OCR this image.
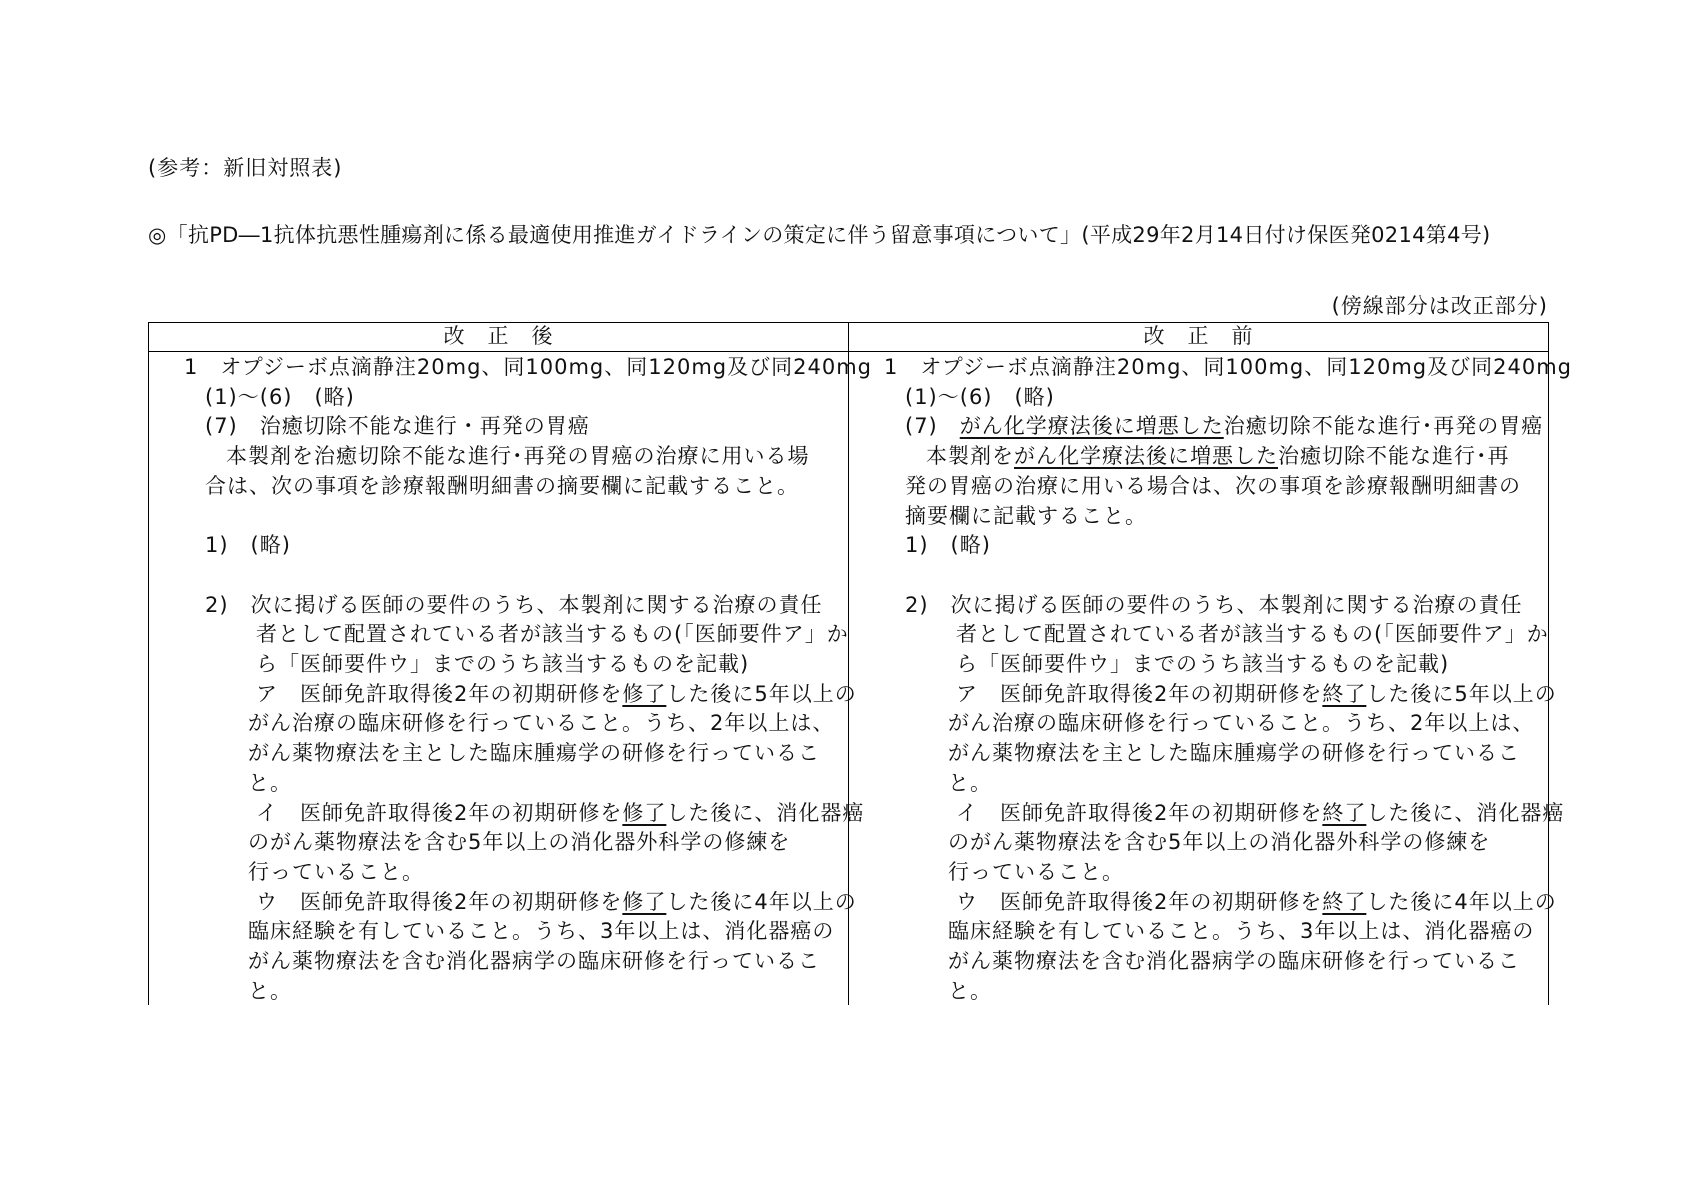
(参考：新旧対照表)
◎「抗PD―1抗体抗悪性腫瘍剤に係る最適使用推進ガイドラインの策定に伴う留意事項について」(平成29年2月14日付け保医発0214第4号)
(傍線部分は改正部分)
改　正　後	改　正　前
1　オプジーボ点滴静注20mg、同100mg、同120mg及び同240mg
(1)～(6)　(略)
(7)　治癒切除不能な進行・再発の胃癌
本製剤を治癒切除不能な進行･再発の胃癌の治療に用いる場
合は、次の事項を診療報酬明細書の摘要欄に記載すること。
1)　(略)
2)　次に掲げる医師の要件のうち、本製剤に関する治療の責任
者として配置されている者が該当するもの(「医師要件ア」か
ら「医師要件ウ」までのうち該当するものを記載)
ア　医師免許取得後2年の初期研修を修了した後に5年以上の
がん治療の臨床研修を行っていること。うち、2年以上は、
がん薬物療法を主とした臨床腫瘍学の研修を行っているこ
と。
イ　医師免許取得後2年の初期研修を修了した後に、消化器癌
のがん薬物療法を含む5年以上の消化器外科学の修練を
行っていること。
ウ　医師免許取得後2年の初期研修を修了した後に4年以上の
臨床経験を有していること。うち、3年以上は、消化器癌の
がん薬物療法を含む消化器病学の臨床研修を行っているこ
と。
1　オプジーボ点滴静注20mg、同100mg、同120mg及び同240mg
(1)～(6)　(略)
(7)　がん化学療法後に増悪した治癒切除不能な進行･再発の胃癌
本製剤をがん化学療法後に増悪した治癒切除不能な進行･再
発の胃癌の治療に用いる場合は、次の事項を診療報酬明細書の
摘要欄に記載すること。
1)　(略)
2)　次に掲げる医師の要件のうち、本製剤に関する治療の責任
者として配置されている者が該当するもの(「医師要件ア」か
ら「医師要件ウ」までのうち該当するものを記載)
ア　医師免許取得後2年の初期研修を終了した後に5年以上の
がん治療の臨床研修を行っていること。うち、2年以上は、
がん薬物療法を主とした臨床腫瘍学の研修を行っているこ
と。
イ　医師免許取得後2年の初期研修を終了した後に、消化器癌
のがん薬物療法を含む5年以上の消化器外科学の修練を
行っていること。
ウ　医師免許取得後2年の初期研修を終了した後に4年以上の
臨床経験を有していること。うち、3年以上は、消化器癌の
がん薬物療法を含む消化器病学の臨床研修を行っているこ
と。
